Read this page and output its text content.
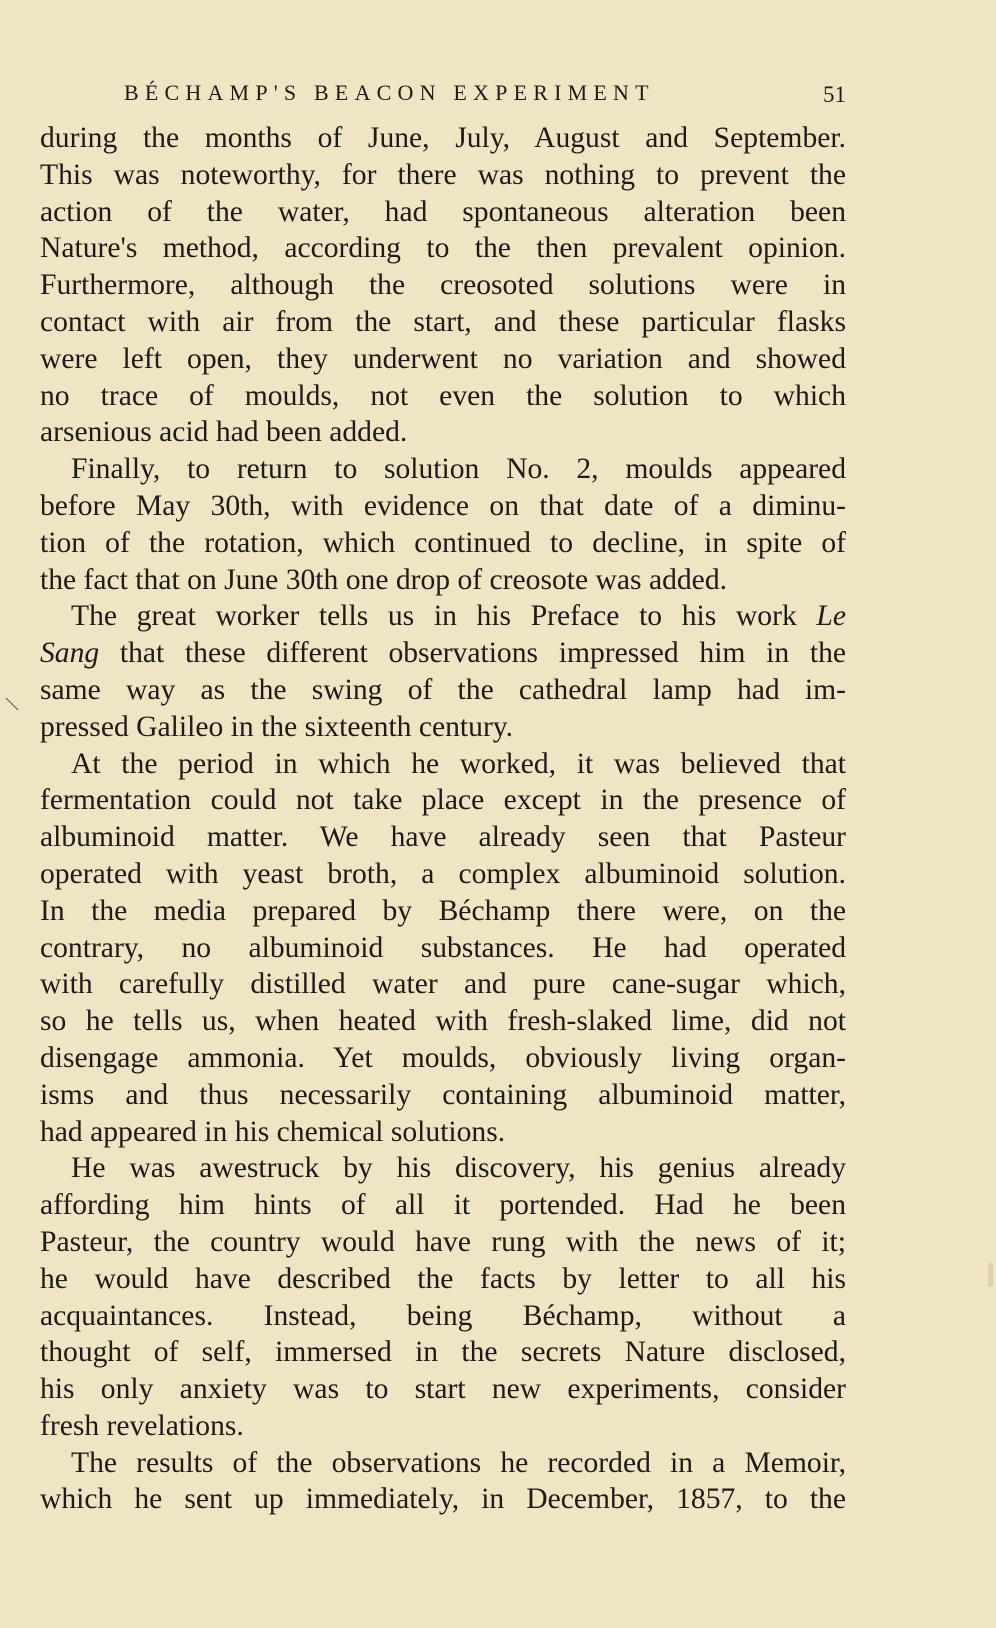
BÉCHAMP'S BEACON EXPERIMENT	51
during the months of June, July, August and September.
This was noteworthy, for there was nothing to prevent the
action of the water, had spontaneous alteration been
Nature's method, according to the then prevalent opinion.
Furthermore, although the creosoted solutions were in
contact with air from the start, and these particular flasks
were left open, they underwent no variation and showed
no trace of moulds, not even the solution to which
arsenious acid had been added.
Finally, to return to solution No. 2, moulds appeared
before May 30th, with evidence on that date of a diminu-
tion of the rotation, which continued to decline, in spite of
the fact that on June 30th one drop of creosote was added.
The great worker tells us in his Preface to his work Le
Sang that these different observations impressed him in the
same way as the swing of the cathedral lamp had im-
pressed Galileo in the sixteenth century.
At the period in which he worked, it was believed that
fermentation could not take place except in the presence of
albuminoid matter. We have already seen that Pasteur
operated with yeast broth, a complex albuminoid solution.
In the media prepared by Béchamp there were, on the
contrary, no albuminoid substances. He had operated
with carefully distilled water and pure cane-sugar which,
so he tells us, when heated with fresh-slaked lime, did not
disengage ammonia. Yet moulds, obviously living organ-
isms and thus necessarily containing albuminoid matter,
had appeared in his chemical solutions.
He was awestruck by his discovery, his genius already
affording him hints of all it portended. Had he been
Pasteur, the country would have rung with the news of it;
he would have described the facts by letter to all his
acquaintances. Instead, being Béchamp, without a
thought of self, immersed in the secrets Nature disclosed,
his only anxiety was to start new experiments, consider
fresh revelations.
The results of the observations he recorded in a Memoir,
which he sent up immediately, in December, 1857, to the
